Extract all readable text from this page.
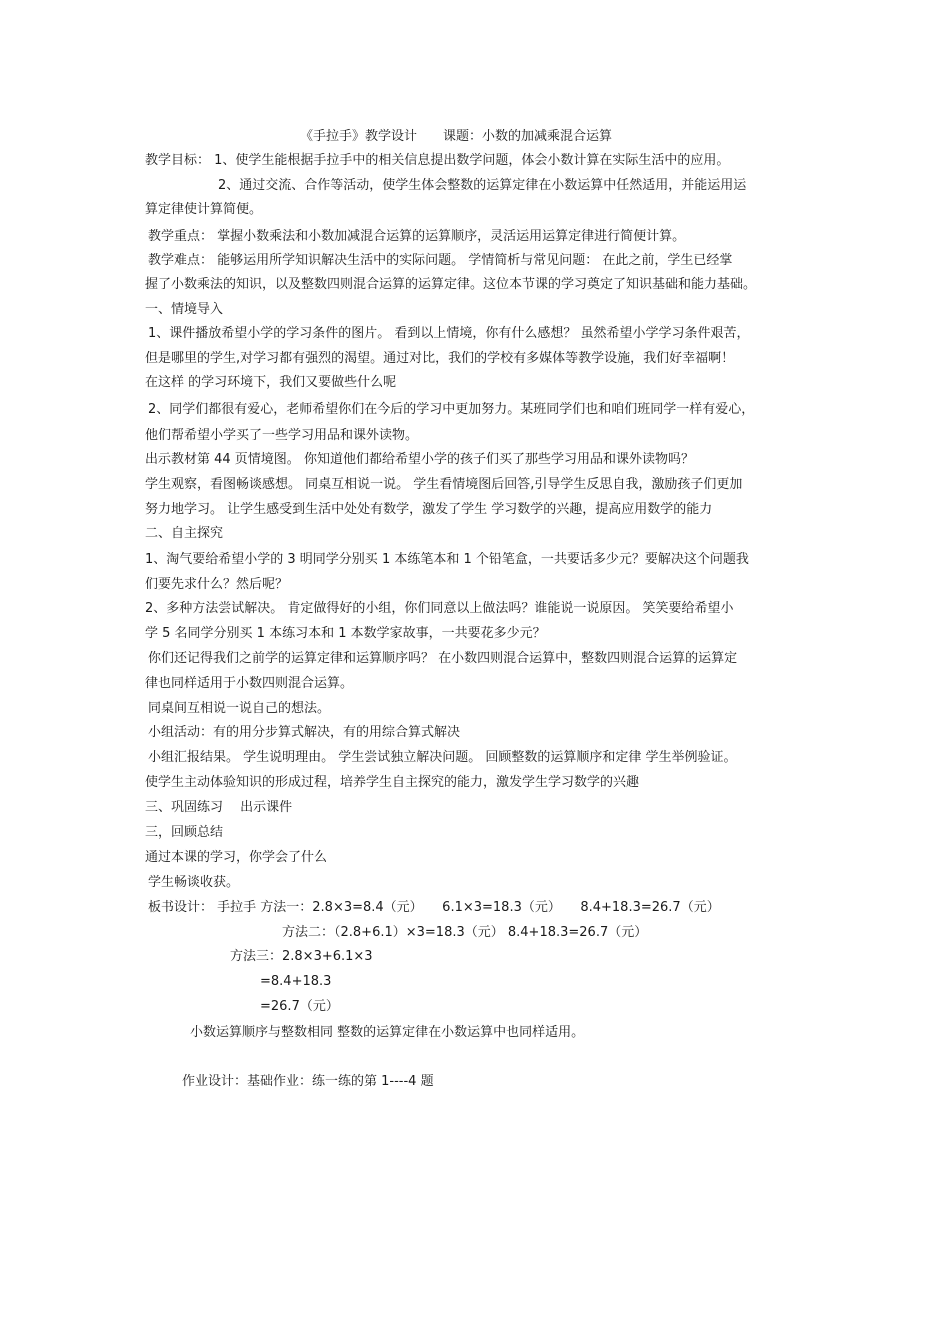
《手拉手》教学设计　　课题：小数的加减乘混合运算
教学目标： 1、使学生能根据手拉手中的相关信息提出数学问题，体会小数计算在实际生活中的应用。
2、通过交流、合作等活动，使学生体会整数的运算定律在小数运算中任然适用，并能运用运
算定律使计算简便。
教学重点： 掌握小数乘法和小数加减混合运算的运算顺序，灵活运用运算定律进行简便计算。
教学难点： 能够运用所学知识解决生活中的实际问题。 学情简析与常见问题： 在此之前，学生已经掌
握了小数乘法的知识，以及整数四则混合运算的运算定律。这位本节课的学习奠定了知识基础和能力基础。
一、情境导入
1、课件播放希望小学的学习条件的图片。 看到以上情境，你有什么感想？ 虽然希望小学学习条件艰苦，
但是哪里的学生,对学习都有强烈的渴望。通过对比，我们的学校有多媒体等教学设施，我们好幸福啊！
在这样 的学习环境下，我们又要做些什么呢
2、同学们都很有爱心，老师希望你们在今后的学习中更加努力。某班同学们也和咱们班同学一样有爱心，
他们帮希望小学买了一些学习用品和课外读物。
出示教材第 44 页情境图。 你知道他们都给希望小学的孩子们买了那些学习用品和课外读物吗？
学生观察，看图畅谈感想。 同桌互相说一说。 学生看情境图后回答,引导学生反思自我，激励孩子们更加
努力地学习。 让学生感受到生活中处处有数学，激发了学生 学习数学的兴趣，提高应用数学的能力
二、自主探究
1、淘气要给希望小学的 3 明同学分别买 1 本练笔本和 1 个铅笔盒，一共要话多少元？要解决这个问题我
们要先求什么？然后呢？
2、多种方法尝试解决。 肯定做得好的小组，你们同意以上做法吗？谁能说一说原因。 笑笑要给希望小
学 5 名同学分别买 1 本练习本和 1 本数学家故事，一共要花多少元？
你们还记得我们之前学的运算定律和运算顺序吗？ 在小数四则混合运算中，整数四则混合运算的运算定
律也同样适用于小数四则混合运算。
同桌间互相说一说自己的想法。
小组活动：有的用分步算式解决，有的用综合算式解决
小组汇报结果。 学生说明理由。 学生尝试独立解决问题。 回顾整数的运算顺序和定律 学生举例验证。
使学生主动体验知识的形成过程，培养学生自主探究的能力，激发学生学习数学的兴趣
三、巩固练习　 出示课件
三，回顾总结
通过本课的学习，你学会了什么
学生畅谈收获。
板书设计： 手拉手 方法一：2.8×3=8.4（元）　　6.1×3=18.3（元）　　8.4+18.3=26.7（元）
方法二：（2.8+6.1）×3=18.3（元） 8.4+18.3=26.7（元）
方法三：2.8×3+6.1×3
=8.4+18.3
=26.7（元）
小数运算顺序与整数相同 整数的运算定律在小数运算中也同样适用。
作业设计：基础作业：练一练的第 1----4 题
